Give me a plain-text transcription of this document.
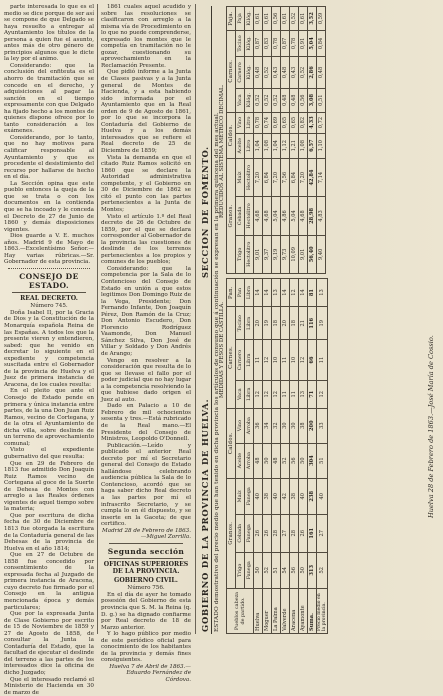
parte interesada lo que es el medio se dice porque de ser así se compone de que Delgado se haya resuelto a entregar al Ayuntamiento los títulos de la persona a quien fue el asunto, antes más de otro género de principios algunos que le dicte la ley por el animo.

Considerando: que la conclusión del enfiteuta es el ahorro de tramitación que se concede en el derecho, y adquisiciones al pagar la sanción en el tiempo expresamente con que Delgado ha fijado hecho a los montes de quienes dispone ofrece por lo tanto consideración a los exámenes.

Considerando, por lo tanto, que no hay motivos para calificar responsable al Ayuntamiento y que es procedente el desistimiento del recurso por hallarse de hecho en el día.

La Sección opina que este pueblo entonces la queja de la que se trata o con los documentos en la contienda que se ha incoado y le conceda el Decreto de 27 de Junio de 1860 y demás disposiciones vigentes.

Dios guarde a V. E. muchos años. Madrid 9 de Mayo de 1863.—Excelentísimo Señor.—Hay varias rúbricas.—Sr. Gobernador de esta provincia.

CONSEJO DE ESTADO.
REAL DECRETO.

Número 745.

Doña Isabel II, por la Gracia de Dios y la Constitución de la Monarquía española Reina de las Españas. A todos los que la presente vieren y entendieren, sabed: que he venido en decretar lo siguiente en el expediente y competencia suscitada entre el Gobernador de la provincia de Huelva y el Juez de primera instancia de Aracena, de los cuales resulta:

En el pleito que ante el Consejo de Estado pende en primera y única instancia entre partes, de la una Don Juan Ruiz Ramos, vecino de Cortegana, y de la otra el Ayuntamiento de dicha villa, sobre deslinde de un terreno de aprovechamiento comunal;

Visto el expediente gubernativo del que resulta:

Que en 29 de Febrero de 1813 fue admitido Don Joaquín Ruiz Ramos vecino de Cortegana al goce de la Suerte de Dehesa de Montes con arreglo a las Reales órdenes vigentes de aquel tiempo sobre la materia;

Que por escritura de dicha fecha de 30 de Diciembre de 1813 fue otorgada la escritura de la Contaduría general de las Dehesas de la provincia de Huelva en el año 1814;

Que en 27 de Octubre de 1858 fue concedido por consentimiento de la expresada fecha al Juzgado de primera instancia de Aracena, cuyo decreto fue firmado por el Consejo en la antigua mencionada época y demás particulares;

Que por la expresada Junta de Clase Gobierno por escrito de 15 de Noviembre de 1859 y 27 de Agosto de 1858, de consultar la Junta la Contaduría del Estado, que la facultad de ejecutar el deslinde del terreno a las partes de los interesados dice la oficina de dicho Juzgado;

Que el interesado reclamó el Ministerio de Hacienda en 30 de marzo de

1861 cuales aquel acudido y sobre las resoluciones se clasificaron con arreglo a la misma vía de Procedimiento en lo que no puede comprenderse, expresado los montes que le competía en tramitación no le gozar, cuestionando su aprovechamiento en la Reclamación Presente.

Que pidió informe a la Junta de Clases pasivas y a la Junta general de Montes de Hacienda, y a esta habiendo sido informada por el Ayuntamiento que en la Real orden de 9 de Agosto de 1861, por lo que se incorpora la Contaduría del Gobierno de Huelva y a los demás interesados que se refiere el Real decreto de 25 de Diciembre de 1859;

Vista la demanda en que el citado Ruiz Ramos solicitó en 1860 que se declare la Autoridad administrativa competente, y el Gobierno en 30 de Diciembre de 1862 se citó el punto con las partes pertenecientes a la Junta de Montes;

Visto el artículo 1.º del Real decreto de 26 de Octubre de 1859, por el que se declara corresponder al Gobernador de la provincia las cuestiones de deslinde de los terrenos pertenecientes a los propios y comunes de los pueblos;

Considerando: que la competencia por la Sala de lo Contencioso del Consejo de Estado en unión a que estos legitimos Don Domingo Ruiz de la Vega, Presidente; Don Fernando Infante, Don Joaquín Pérez, Don Ramón de la Cruz; Don Antonio Escudero, Don Florencio Rodríguez Vaamonde, Don Manuel Sánchez Silva, Don José de Villar y Soldado y Don Andrés de Arango;

Vengo en resolver a la consideración que resulta de lo que se llevase el fallo por el poder judicial que no hay lugar a la competencia resolviendo la que hubiese dado origen el Juez al auto.

Dado en Palacio a 10 de Febrero de mil ochocientos sesenta y tres.—Está rubricado de la Real mano.—El Presidente del Consejo de Ministros, Leopoldo O'Donnell.

Publicación.—Leído y publicado el anterior Real decreto por mí el Secretario general del Consejo de Estado hallándose celebrando audiencia pública la Sala de lo Contencioso, acordó que se haga saber dicho Real decreto a las partes por mí el infrascrito Secretario, y se cumpla lo en él dispuesto, y se inserte en la Gaceta; de que certifico.

Madrid 28 de Febrero de 1863.—Miguel Zorrilla.

Segunda sección
OFICINAS SUPERIORES DE LA PROVINCIA.
GOBIERNO CIVIL.

Número 756.

En el día de ayer he tomado posesión del Gobierno de esta provincia que S. M. la Reina (q. D. g.) se ha dignado confiarme por Real decreto de 18 de Marzo anterior.

Y lo hago público por medio de este periódico oficial para conocimiento de los habitantes de la provincia y demás fines consiguientes.

Huelva 7 de Abril de 1863.—Eduardo Fernández de Córdova.

GOBIERNO DE LA PROVINCIA DE HUELVA.
SECCION DE FOMENTO. ESTADO demostrativo del precio medio que han tenido en dicha provincia los artículos de consumo que á continuación se expresan en la primera quincena del mes actual. MEDIDAS Y PESOS DE CASTILLA.
REDUCIDOS AL SISTEMA MÉTRICO DECIMAL.
Pueblos cabeza de partido.	Granos.			Caldos.		Carnes.			Pan.
	Trigo	Cebada	Maíz	Aceite	Vino	Vaca	Carnero	Tocino	Pan
	Fanega	Fanega	Fanega	Arroba	Arroba	Libra	Libra	Libra	Libra
Huelva	50	26	40	48	36	12	11	20	14
Moguer	52	26	38	50	34	12	12	19	14
La Palma	51	28	40	48	32	12	10	18	13
Valverde	54	27	42	52	30	11	11	20	14
Aracena	56	28	38	56	30	11	10	18	12
Ayamonte	50	26	40	50	38	13	12	21	14
Suma.	313	161	238	304	200	71	66	116	81
Precio medio en la provincia.	52	27	40	51	33	12	11	19	13
Granos.			Caldos.		Carnes.			Paja.
Trigo	Cebada	Maíz	Aceite	Vino	Vaca	Carnero	Tocino	Paja
Hectolitro	Hectolitro	Hectolitro	Litro	Litro	Kilóg.	Kilóg.	Kilóg.	Kilóg.
9,01	4,68	7,20	1,04	0,78	0,52	0,48	0,87	0,61
9,37	4,68	6,84	1,08	0,74	0,52	0,52	0,83	0,61
9,19	5,04	7,20	1,04	0,69	0,52	0,43	0,78	0,56
9,73	4,86	7,56	1,12	0,65	0,48	0,48	0,87	0,61
10,09	5,04	6,84	1,21	0,65	0,48	0,43	0,78	0,52
9,01	4,68	7,20	1,08	0,82	0,56	0,52	0,91	0,61
56,40	28,98	42,84	6,57	4,33	3,08	2,86	5,04	3,52
9,40	4,83	7,14	1,10	0,72	0,51	0,48	0,84	0,59
Huelva 28 de Febrero de 1863.—José María de Cossio.
